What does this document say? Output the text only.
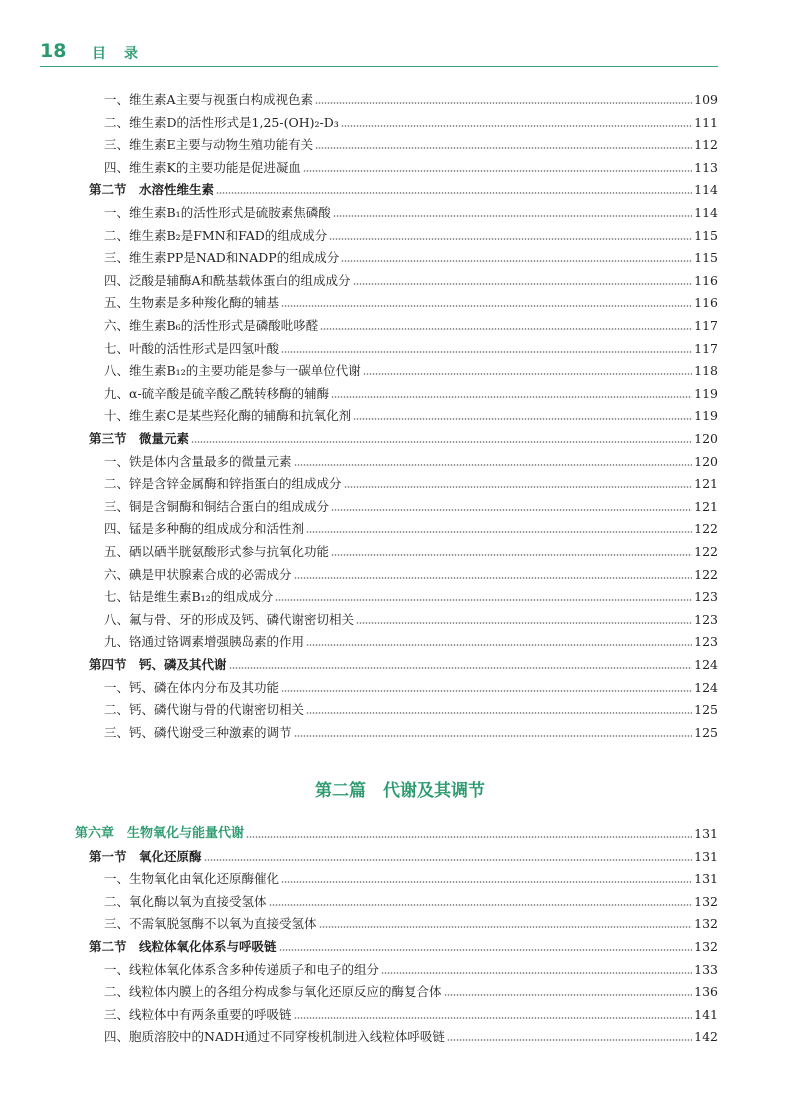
18 目录
一、维生素A主要与视蛋白构成视色素	109
二、维生素D的活性形式是1,25-(OH)₂-D₃	111
三、维生素E主要与动物生殖功能有关	112
四、维生素K的主要功能是促进凝血	113
第二节　水溶性维生素	114
一、维生素B₁的活性形式是硫胺素焦磷酸	114
二、维生素B₂是FMN和FAD的组成成分	115
三、维生素PP是NAD和NADP的组成成分	115
四、泛酸是辅酶A和酰基载体蛋白的组成成分	116
五、生物素是多种羧化酶的辅基	116
六、维生素B₆的活性形式是磷酸吡哆醛	117
七、叶酸的活性形式是四氢叶酸	117
八、维生素B₁₂的主要功能是参与一碳单位代谢	118
九、α-硫辛酸是硫辛酸乙酰转移酶的辅酶	119
十、维生素C是某些羟化酶的辅酶和抗氧化剂	119
第三节　微量元素	120
一、铁是体内含量最多的微量元素	120
二、锌是含锌金属酶和锌指蛋白的组成成分	121
三、铜是含铜酶和铜结合蛋白的组成成分	121
四、锰是多种酶的组成成分和活性剂	122
五、硒以硒半胱氨酸形式参与抗氧化功能	122
六、碘是甲状腺素合成的必需成分	122
七、钴是维生素B₁₂的组成成分	123
八、氟与骨、牙的形成及钙、磷代谢密切相关	123
九、铬通过铬调素增强胰岛素的作用	123
第四节　钙、磷及其代谢	124
一、钙、磷在体内分布及其功能	124
二、钙、磷代谢与骨的代谢密切相关	125
三、钙、磷代谢受三种激素的调节	125
第六章　生物氧化与能量代谢	131
第一节　氧化还原酶	131
一、生物氧化由氧化还原酶催化	131
二、氧化酶以氧为直接受氢体	132
三、不需氧脱氢酶不以氧为直接受氢体	132
第二节　线粒体氧化体系与呼吸链	132
一、线粒体氧化体系含多种传递质子和电子的组分	133
二、线粒体内膜上的各组分构成参与氧化还原反应的酶复合体	136
三、线粒体中有两条重要的呼吸链	141
四、胞质溶胶中的NADH通过不同穿梭机制进入线粒体呼吸链	142
第二篇　代谢及其调节
